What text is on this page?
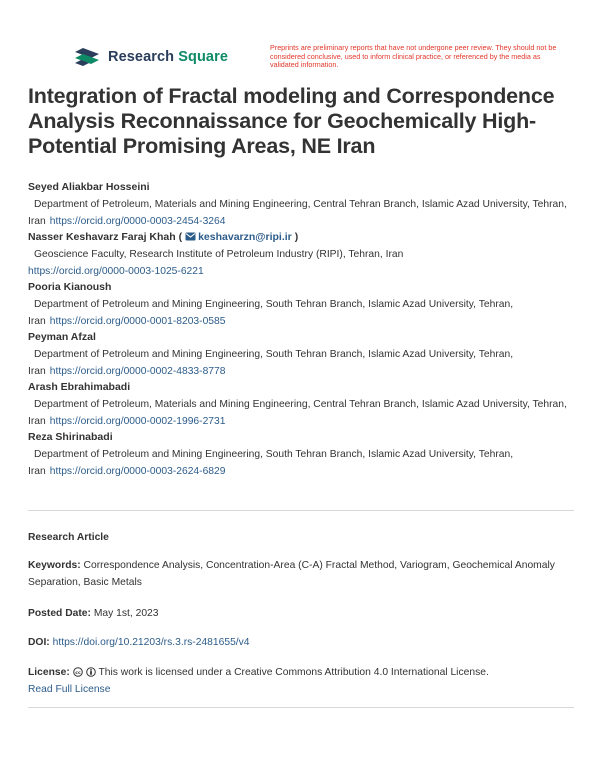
Research Square
Preprints are preliminary reports that have not undergone peer review. They should not be considered conclusive, used to inform clinical practice, or referenced by the media as validated information.
Integration of Fractal modeling and Correspondence Analysis Reconnaissance for Geochemically High-Potential Promising Areas, NE Iran
Seyed Aliakbar Hosseini
Department of Petroleum, Materials and Mining Engineering, Central Tehran Branch, Islamic Azad University, Tehran, Iran https://orcid.org/0000-0003-2454-3264
Nasser Keshavarz Faraj Khah ( keshavarzn@ripi.ir )
Geoscience Faculty, Research Institute of Petroleum Industry (RIPI), Tehran, Iran
https://orcid.org/0000-0003-1025-6221
Pooria Kianoush
Department of Petroleum and Mining Engineering, South Tehran Branch, Islamic Azad University, Tehran, Iran https://orcid.org/0000-0001-8203-0585
Peyman Afzal
Department of Petroleum and Mining Engineering, South Tehran Branch, Islamic Azad University, Tehran, Iran https://orcid.org/0000-0002-4833-8778
Arash Ebrahimabadi
Department of Petroleum, Materials and Mining Engineering, Central Tehran Branch, Islamic Azad University, Tehran, Iran https://orcid.org/0000-0002-1996-2731
Reza Shirinabadi
Department of Petroleum and Mining Engineering, South Tehran Branch, Islamic Azad University, Tehran, Iran https://orcid.org/0000-0003-2624-6829
Research Article
Keywords: Correspondence Analysis, Concentration-Area (C-A) Fractal Method, Variogram, Geochemical Anomaly Separation, Basic Metals
Posted Date: May 1st, 2023
DOI: https://doi.org/10.21203/rs.3.rs-2481655/v4
License: cc This work is licensed under a Creative Commons Attribution 4.0 International License.
Read Full License
